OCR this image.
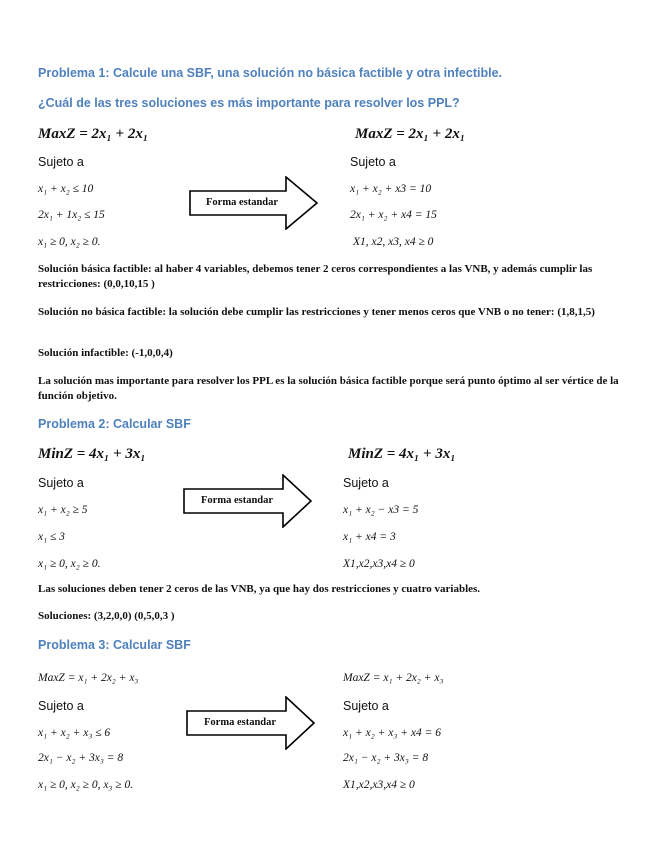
Problema 1: Calcule una SBF, una solución no básica factible y otra infectible.
¿Cuál de las tres soluciones es más importante para resolver los PPL?
MaxZ = 2x₁ + 2x₁
Sujeto a
x₁ + x₂ ≤ 10
2x₁ + 1x₂ ≤ 15
x₁ ≥ 0, x₂ ≥ 0.
Forma estandar
MaxZ = 2x₁ + 2x₁
Sujeto a
x₁ + x₂ + x3 = 10
2x₁ + x₂ + x4 = 15
X1, x2, x3, x4 ≥ 0
Solución básica factible: al haber 4 variables, debemos tener 2 ceros correspondientes a las VNB, y además cumplir las restricciones: (0,0,10,15 )
Solución no básica factible: la solución debe cumplir las restricciones y tener menos ceros que VNB o no tener: (1,8,1,5)
Solución infactible: (-1,0,0,4)
La solución mas importante para resolver los PPL es la solución básica factible porque será punto óptimo al ser vértice de la función objetivo.
Problema 2: Calcular SBF
MinZ = 4x₁ + 3x₁
Sujeto a
x₁ + x₂ ≥ 5
x₁ ≤ 3
x₁ ≥ 0, x₂ ≥ 0.
Forma estandar
MinZ = 4x₁ + 3x₁
Sujeto a
x₁ + x₂ − x3 = 5
x₁ + x4 = 3
X1,x2,x3,x4 ≥ 0
Las soluciones deben tener 2 ceros de las VNB, ya que hay dos restricciones y cuatro variables.
Soluciones: (3,2,0,0) (0,5,0,3 )
Problema 3: Calcular SBF
MaxZ = x₁ + 2x₂ + x₃
Sujeto a
x₁ + x₂ + x₃ ≤ 6
2x₁ − x₂ + 3x₃ = 8
x₁ ≥ 0, x₂ ≥ 0, x₃ ≥ 0.
Forma estandar
MaxZ = x₁ + 2x₂ + x₃
Sujeto a
x₁ + x₂ + x₃ + x4 = 6
2x₁ − x₂ + 3x₃ = 8
X1,x2,x3,x4 ≥ 0
